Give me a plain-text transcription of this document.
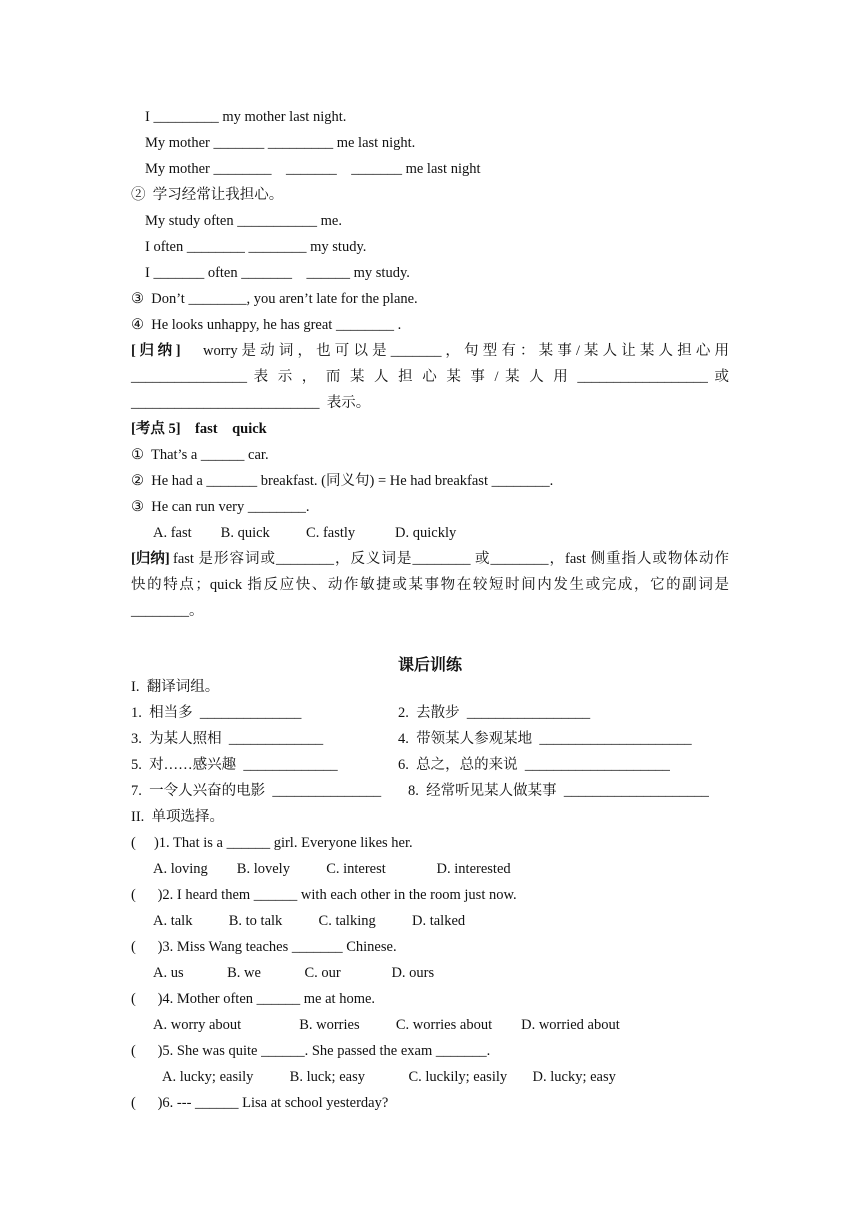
I _________ my mother last night.
My mother _______ _________ me last night.
My mother ________    _______    _______ me last night
②  学习经常让我担心。
My study often ___________ me.
I often ________ ________ my study.
I _______ often _______    ______ my study.
③  Don’t ________, you aren’t late for the plane.
④  He looks unhappy, he has great ________ .
[ 归 纳 ] worry 是 动 词 ， 也 可 以 是 _______ ， 句 型 有 ： 某 事 / 某 人 让 某 人 担 心 用
________________ 表 示 ， 而 某 人 担 心 某 事 / 某 人 用 __________________ 或
__________________________  表示。
[考点 5]    fast    quick
①  That’s a ______ car.
②  He had a _______ breakfast. (同义句) = He had breakfast ________.
③  He can run very ________.
A. fast        B. quick          C. fastly           D. quickly
[归纳] fast 是形容词或________，反义词是________ 或________，fast 侧重指人或物体动作
快的特点；quick 指反应快、动作敏捷或某事物在较短时间内发生或完成，它的副词是
________。
课后训练
I.  翻译词组。
1.  相当多  ______________	2.  去散步  _________________
3.  为某人照相  _____________	4.  带领某人参观某地  _____________________
5.  对……感兴趣  _____________	6.  总之，总的来说  ____________________
7.  一令人兴奋的电影  _______________ 8.  经常听见某人做某事  ____________________
II.  单项选择。
(     )1. That is a ______ girl. Everyone likes her.
A. loving        B. lovely          C. interest              D. interested
(      )2. I heard them ______ with each other in the room just now.
A. talk          B. to talk          C. talking          D. talked
(      )3. Miss Wang teaches _______ Chinese.
A. us            B. we            C. our              D. ours
(      )4. Mother often ______ me at home.
A. worry about                B. worries          C. worries about        D. worried about
(      )5. She was quite ______. She passed the exam _______.
A. lucky; easily          B. luck; easy            C. luckily; easily       D. lucky; easy
(      )6. --- ______ Lisa at school yesterday?
